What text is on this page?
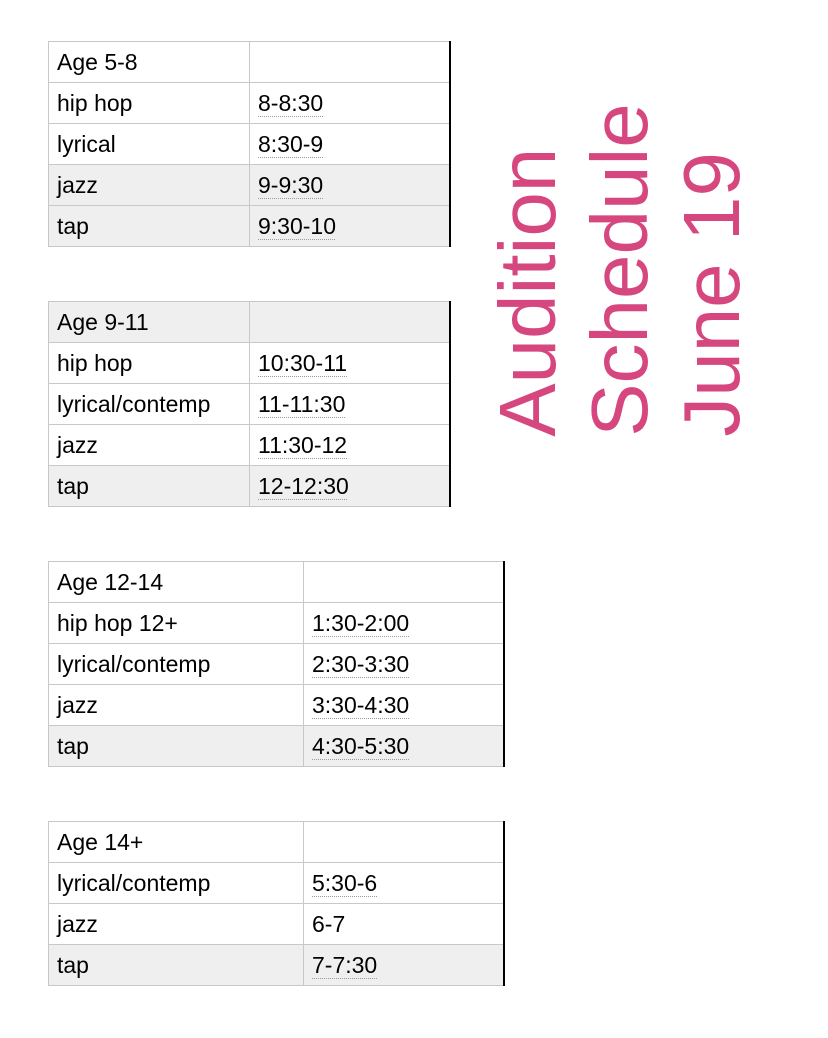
Age 5-8	
hip hop	8-8:30
lyrical	8:30-9
jazz	9-9:30
tap	9:30-10
Age 9-11	
hip hop	10:30-11
lyrical/contemp	11-11:30
jazz	11:30-12
tap	12-12:30
Age 12-14	
hip hop 12+	1:30-2:00
lyrical/contemp	2:30-3:30
jazz	3:30-4:30
tap	4:30-5:30
Age 14+	
lyrical/contemp	5:30-6
jazz	6-7
tap	7-7:30
Audition Schedule June 19
